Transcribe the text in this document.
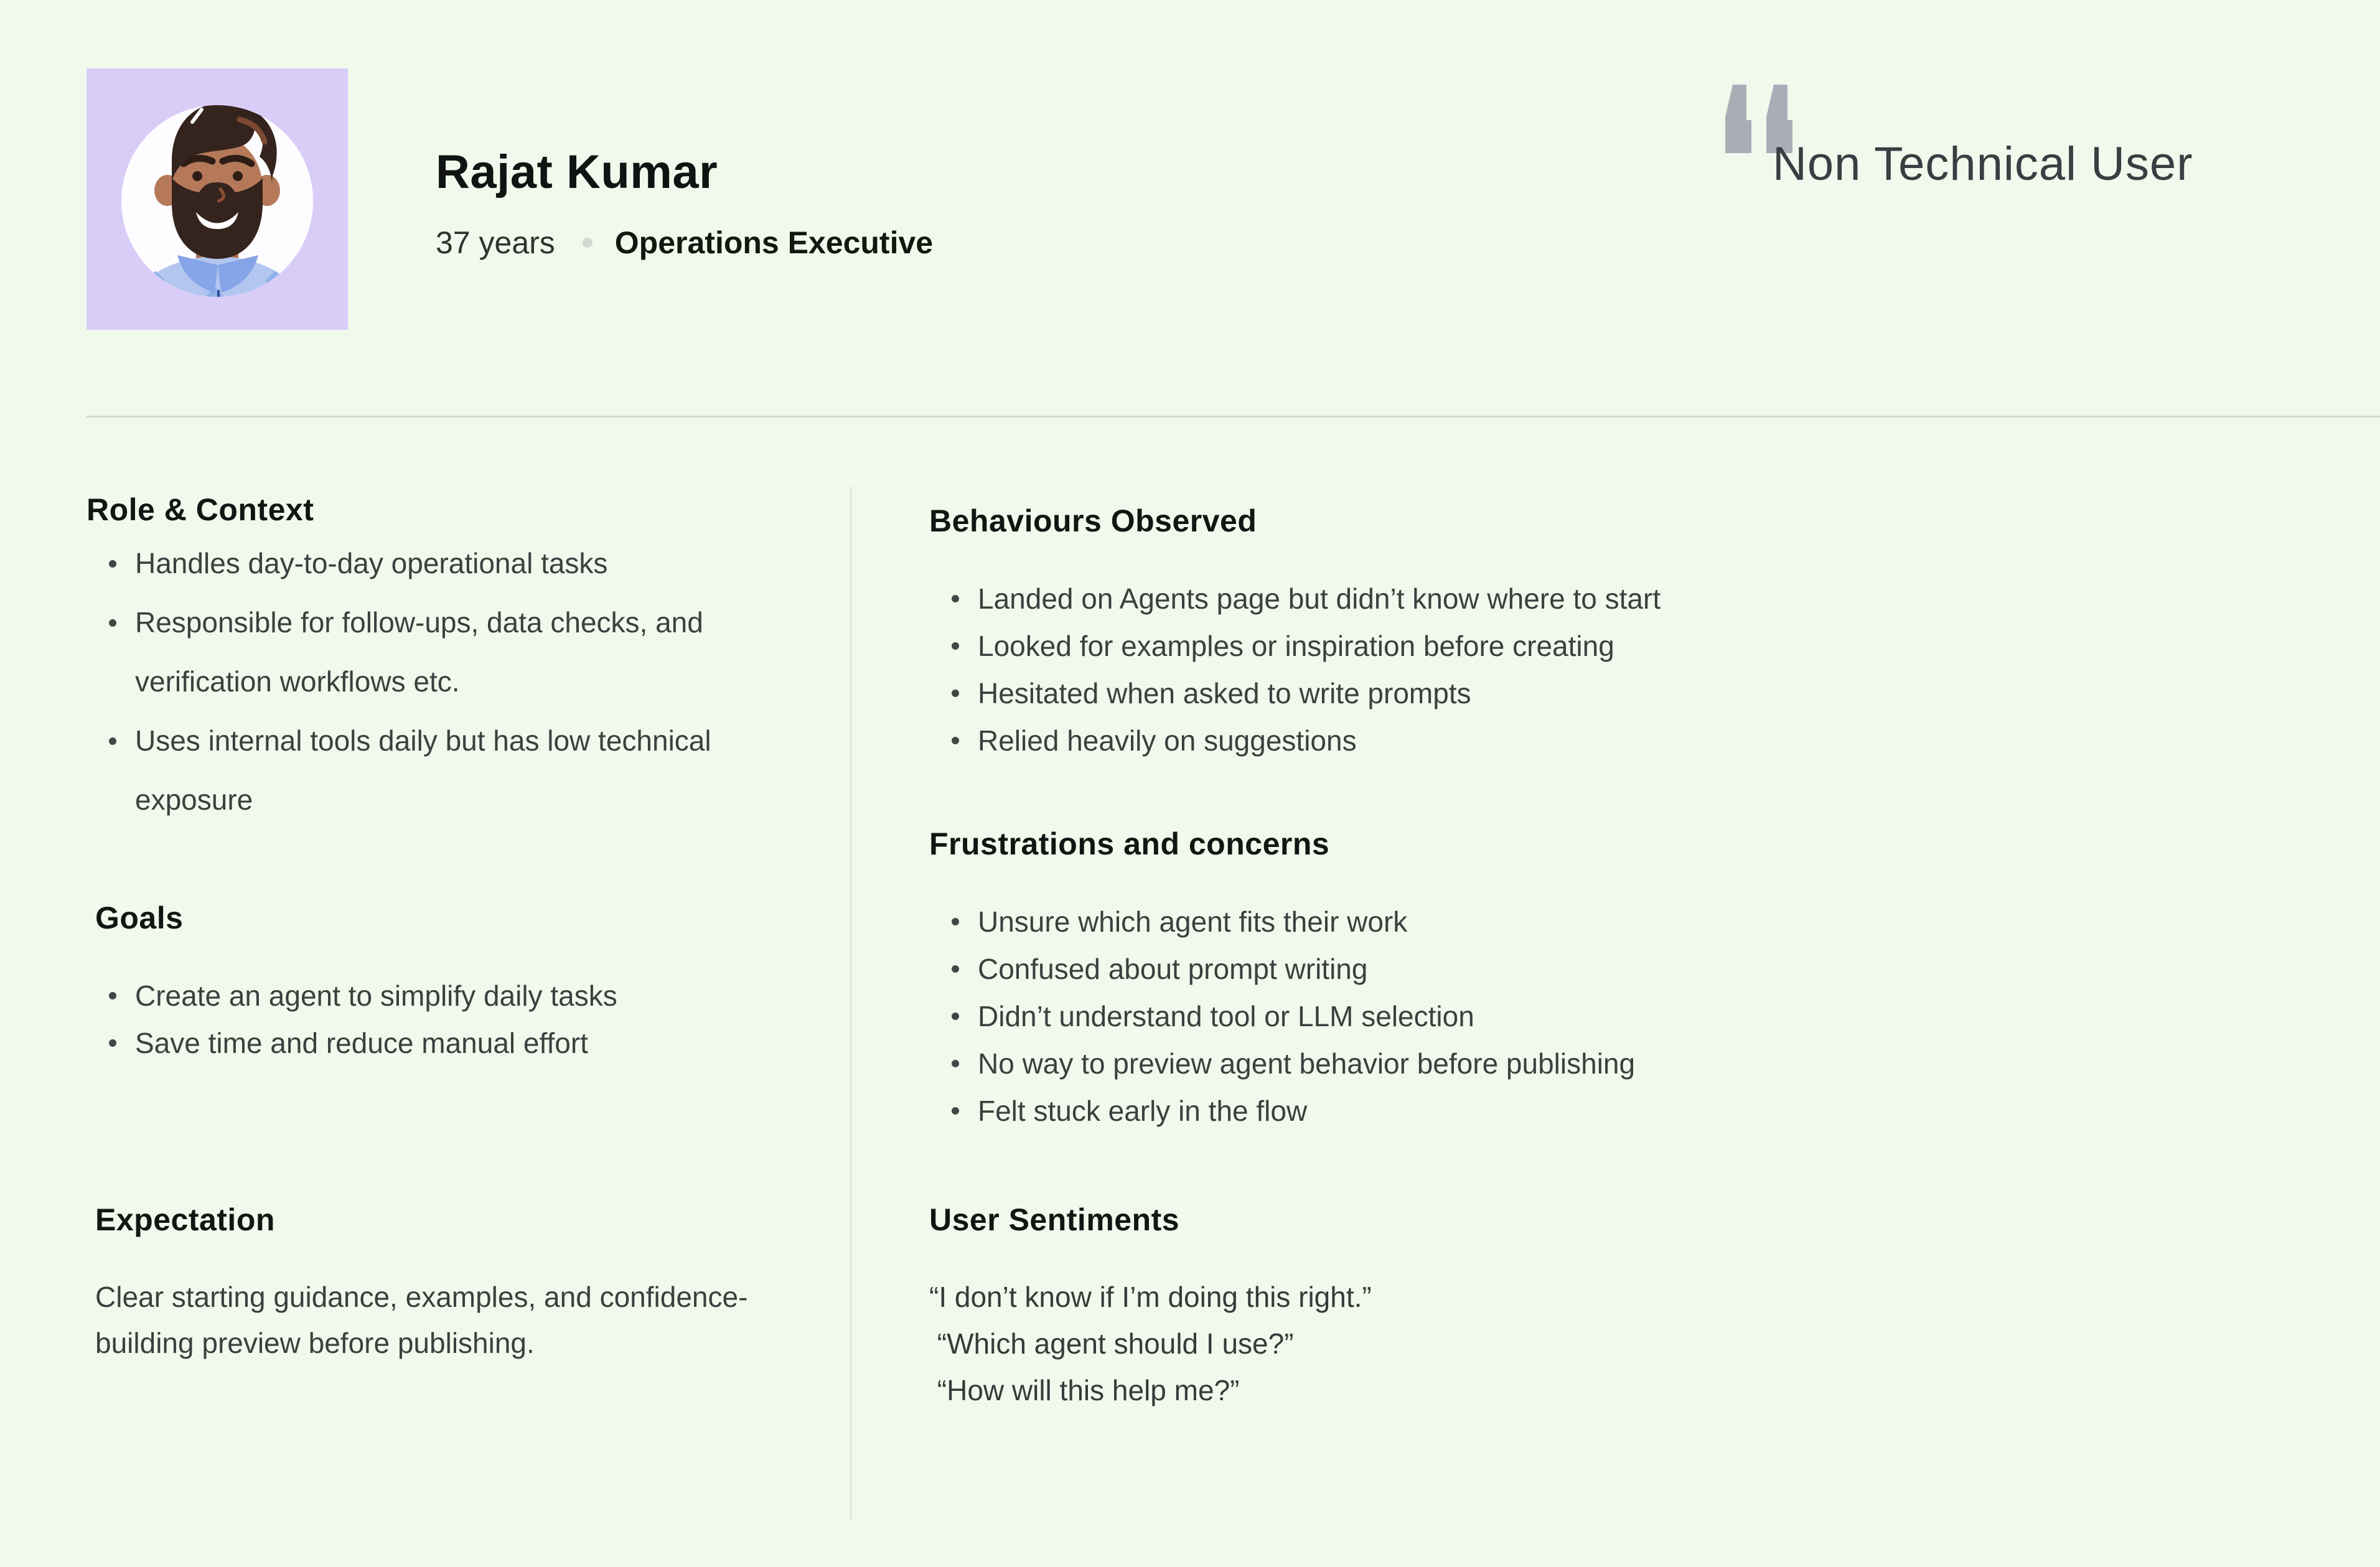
Rajat Kumar
37 years Operations Executive
Non Technical User
Role & Context
Handles day-to-day operational tasks
Responsible for follow-ups, data checks, and verification workflows etc.
Uses internal tools daily but has low technical exposure
Goals
Create an agent to simplify daily tasks
Save time and reduce manual effort
Expectation
Clear starting guidance, examples, and confidence-building preview before publishing.
Behaviours Observed
Landed on Agents page but didn’t know where to start
Looked for examples or inspiration before creating
Hesitated when asked to write prompts
Relied heavily on suggestions
Frustrations and concerns
Unsure which agent fits their work
Confused about prompt writing
Didn’t understand tool or LLM selection
No way to preview agent behavior before publishing
Felt stuck early in the flow
User Sentiments
“I don’t know if I’m doing this right.”
“Which agent should I use?”
“How will this help me?”
